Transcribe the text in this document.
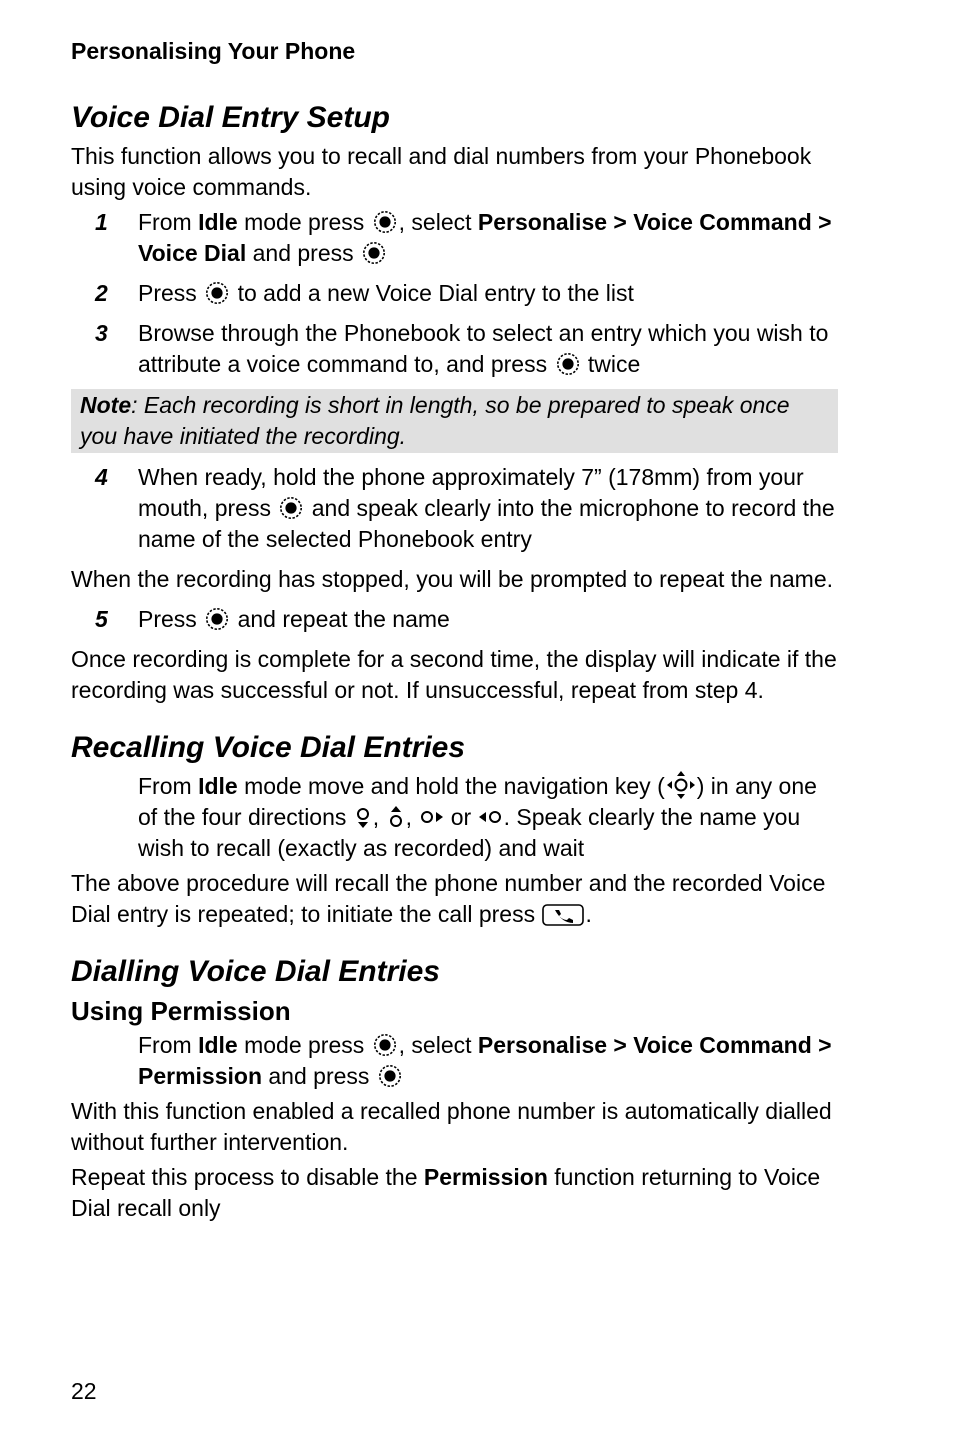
Personalising Your Phone
Voice Dial Entry Setup

This function allows you to recall and dial numbers from your Phonebook using voice commands.

1	From Idle mode press , select Personalise > Voice Command > Voice Dial and press
2	Press  to add a new Voice Dial entry to the list
3	Browse through the Phonebook to select an entry which you wish to attribute a voice command to, and press  twice
Note: Each recording is short in length, so be prepared to speak once you have initiated the recording.
4	When ready, hold the phone approximately 7” (178mm) from your mouth, press  and speak clearly into the microphone to record the name of the selected Phonebook entry

When the recording has stopped, you will be prompted to repeat the name.

5	Press  and repeat the name

Once recording is complete for a second time, the display will indicate if the recording was successful or not. If unsuccessful, repeat from step 4.

Recalling Voice Dial Entries

From Idle mode move and hold the navigation key ( ) in any one of the four directions , ,  or . Speak clearly the name you wish to recall (exactly as recorded) and wait

The above procedure will recall the phone number and the recorded Voice Dial entry is repeated; to initiate the call press .

Dialling Voice Dial Entries
Using Permission

From Idle mode press , select Personalise > Voice Command > Permission and press

With this function enabled a recalled phone number is automatically dialled without further intervention.

Repeat this process to disable the Permission function returning to Voice Dial recall only

22
